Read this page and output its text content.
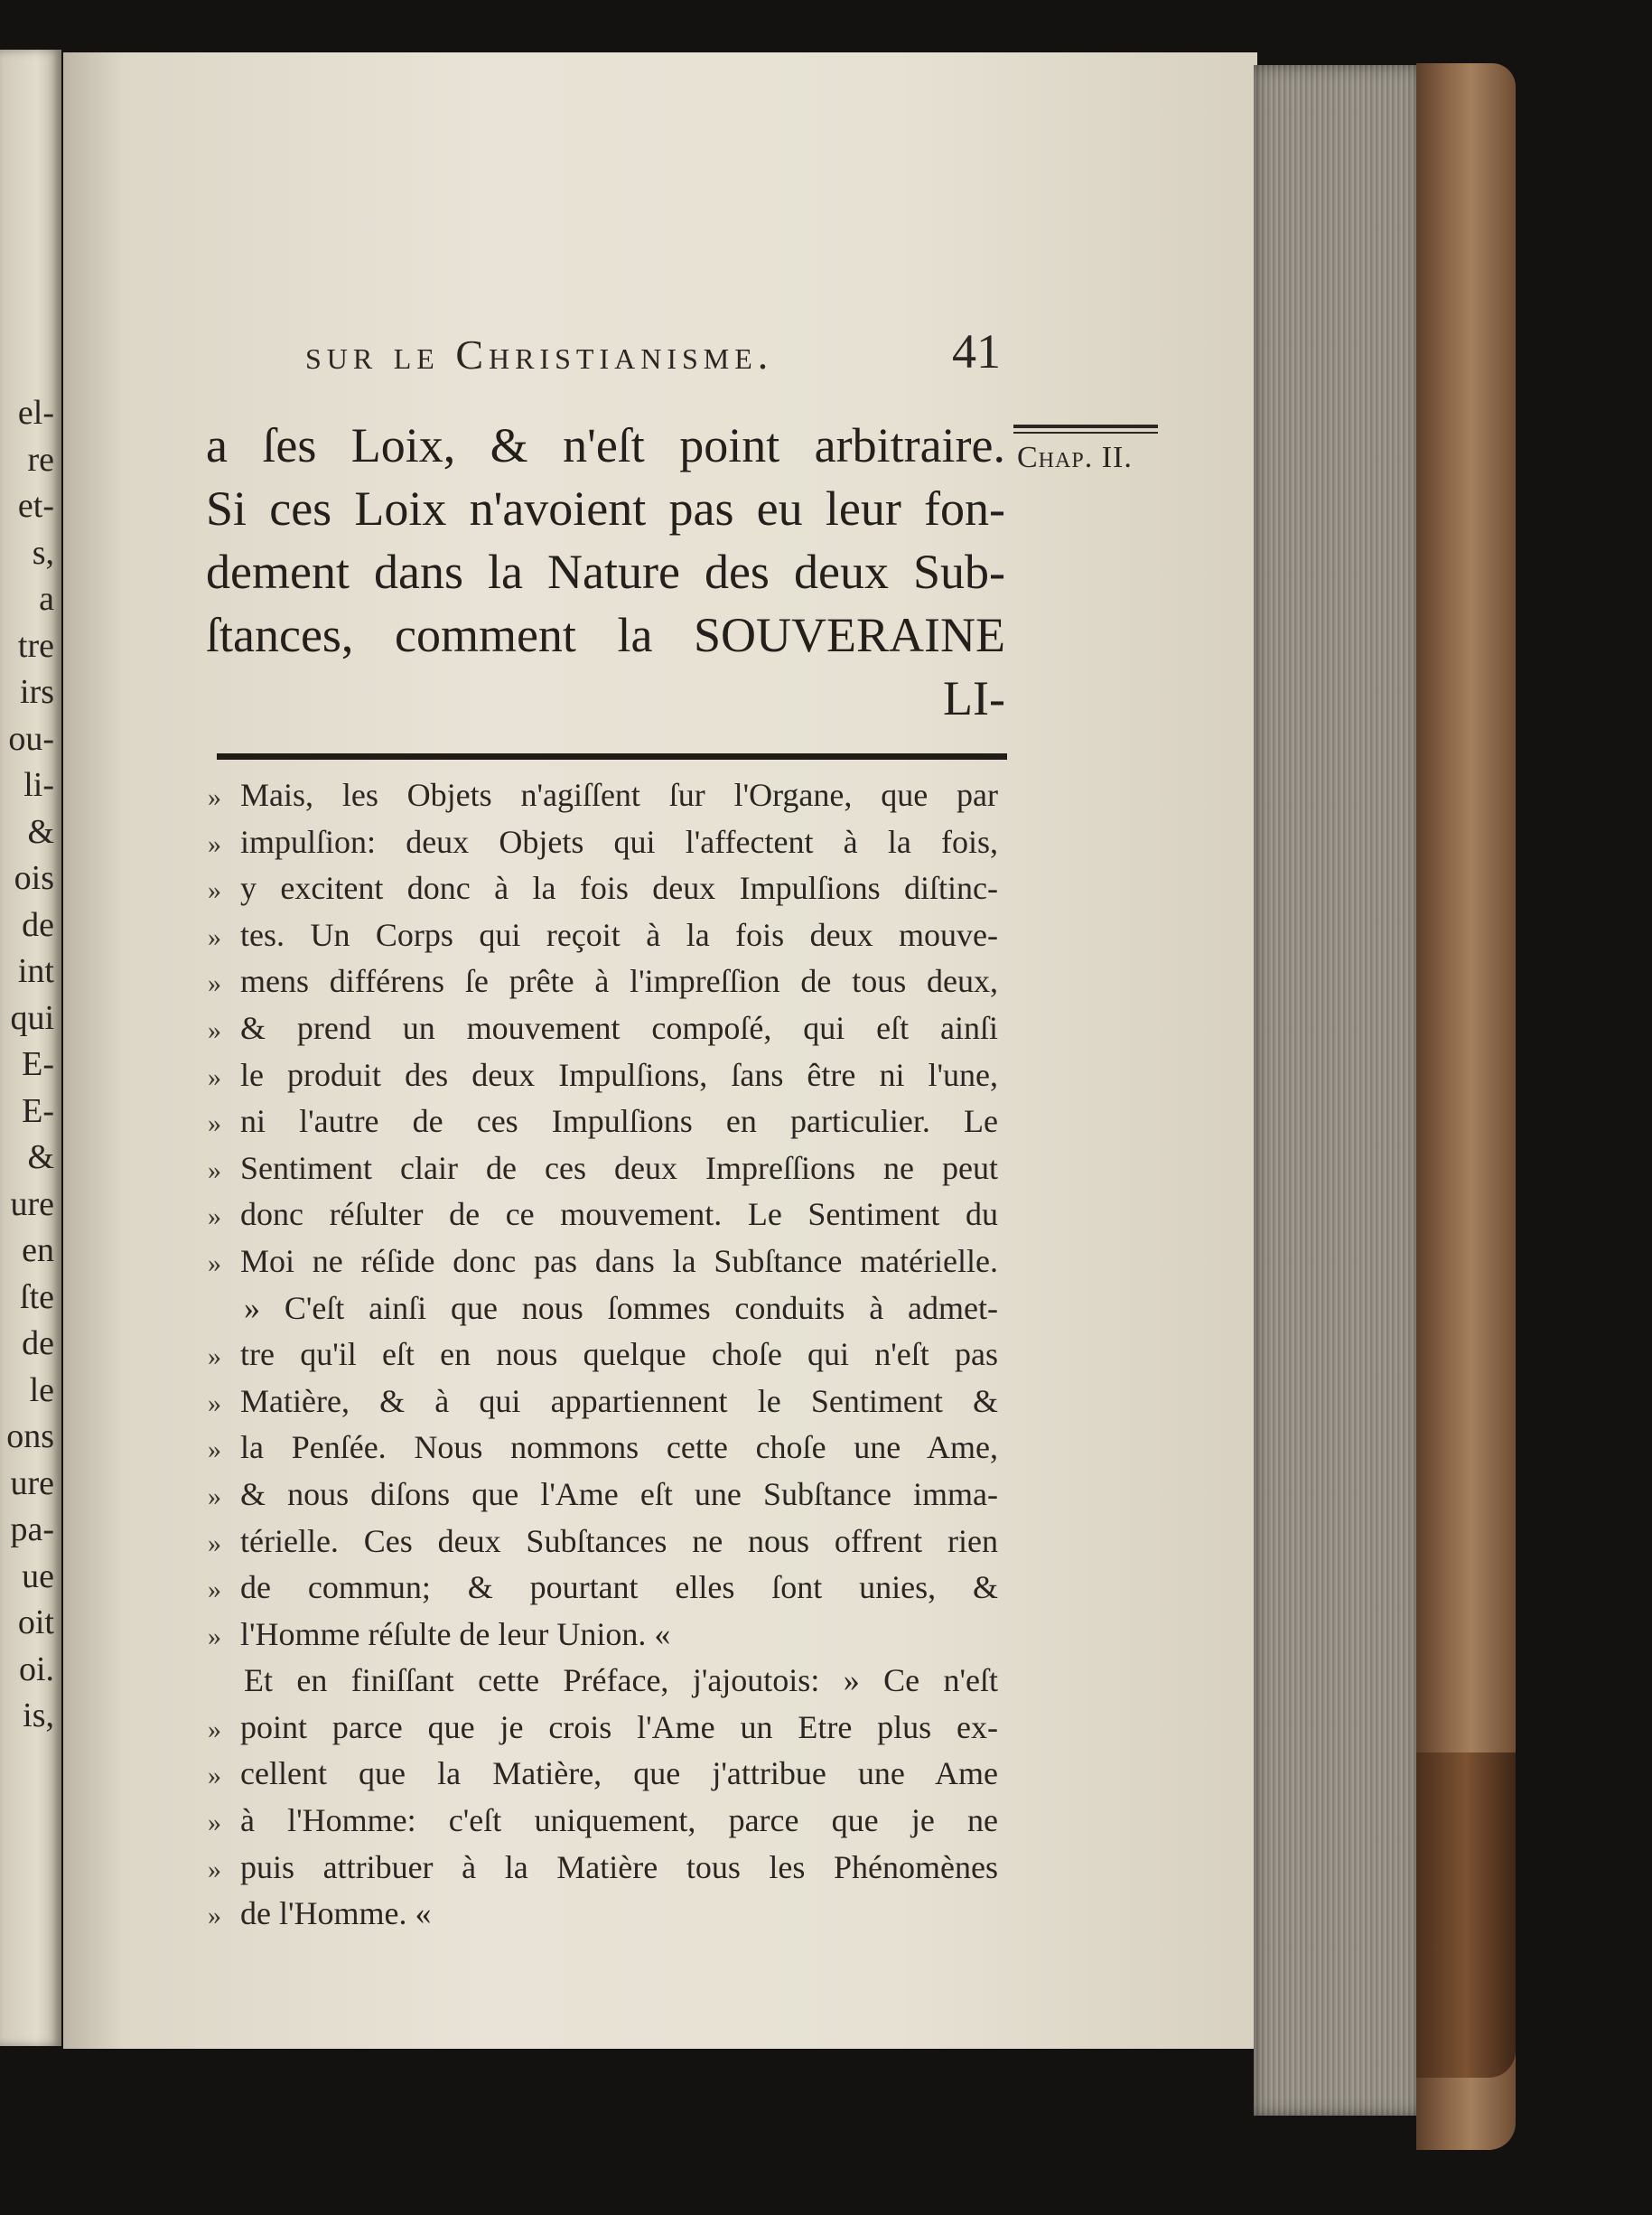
el-
re
et-
s,
a
tre
irs
ou-
li-
&
ois
de
int
qui
E-
E-
&
ure
en
ſte
de
le
ons
ure
pa-
ue
oit
oi.
is,
sur le Christianisme.	41
a ſes Loix, & n'eſt point arbitraire.
Si ces Loix n'avoient pas eu leur fon-
dement dans la Nature des deux Sub-
ſtances, comment la SOUVERAINE
LI-
Chap. II.
» Mais, les Objets n'agiſſent ſur l'Organe, que par
» impulſion: deux Objets qui l'affectent à la fois,
» y excitent donc à la fois deux Impulſions diſtinc-
» tes. Un Corps qui reçoit à la fois deux mouve-
» mens différens ſe prête à l'impreſſion de tous deux,
» & prend un mouvement compoſé, qui eſt ainſi
» le produit des deux Impulſions, ſans être ni l'une,
» ni l'autre de ces Impulſions en particulier. Le
» Sentiment clair de ces deux Impreſſions ne peut
» donc réſulter de ce mouvement. Le Sentiment du
» Moi ne réſide donc pas dans la Subſtance matérielle.
» C'eſt ainſi que nous ſommes conduits à admet-
» tre qu'il eſt en nous quelque choſe qui n'eſt pas
» Matière, & à qui appartiennent le Sentiment &
» la Penſée. Nous nommons cette choſe une Ame,
» & nous diſons que l'Ame eſt une Subſtance imma-
» térielle. Ces deux Subſtances ne nous offrent rien
» de commun; & pourtant elles ſont unies, &
» l'Homme réſulte de leur Union. «
Et en finiſſant cette Préface, j'ajoutois: » Ce n'eſt
» point parce que je crois l'Ame un Etre plus ex-
» cellent que la Matière, que j'attribue une Ame
» à l'Homme: c'eſt uniquement, parce que je ne
» puis attribuer à la Matière tous les Phénomènes
» de l'Homme. «
